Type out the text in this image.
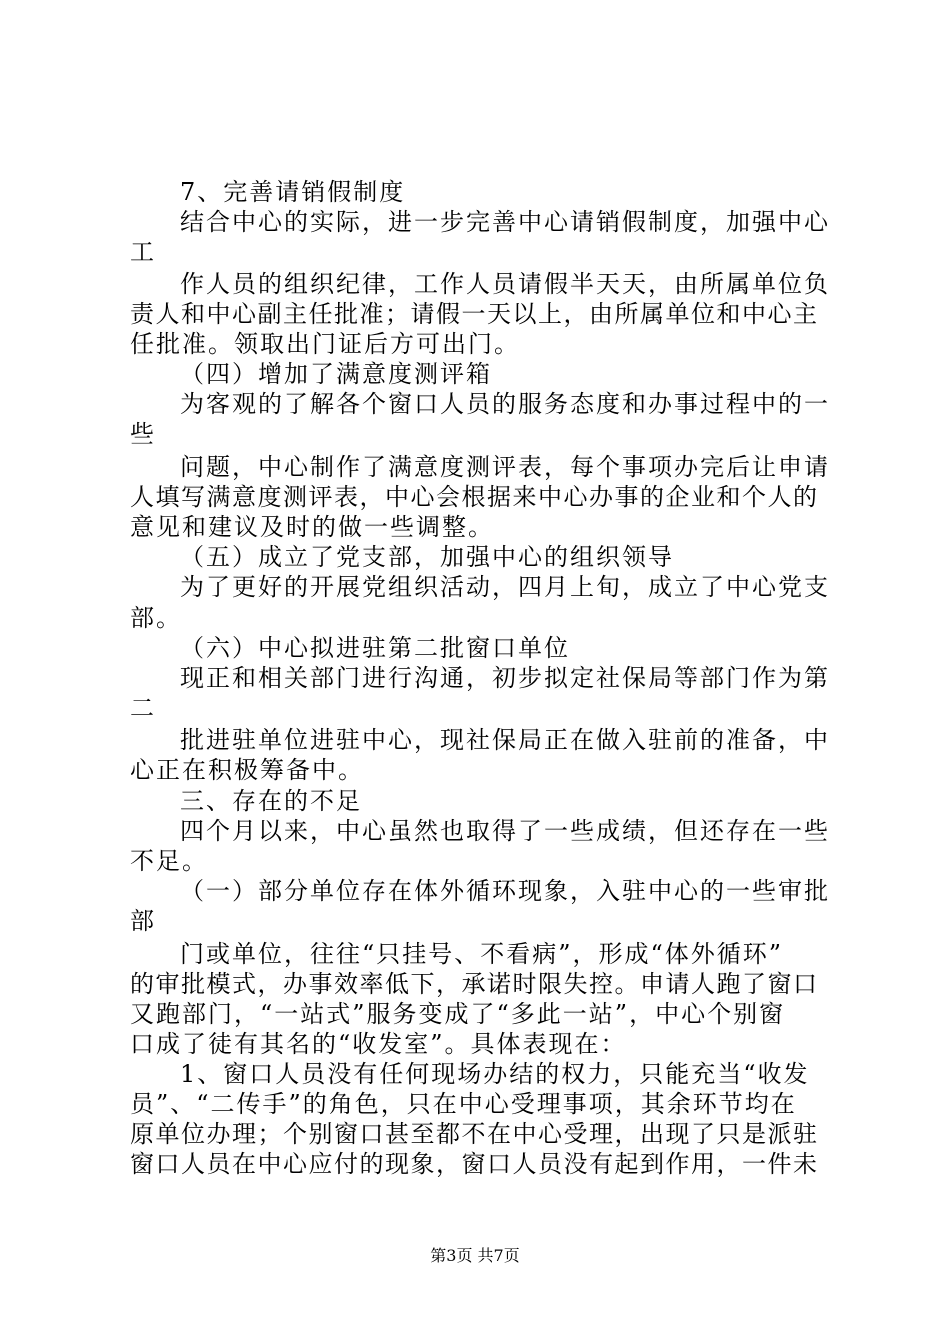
7、完善请销假制度
结合中心的实际，进一步完善中心请销假制度，加强中心
工
作人员的组织纪律，工作人员请假半天天，由所属单位负
责人和中心副主任批准；请假一天以上，由所属单位和中心主
任批准。领取出门证后方可出门。
（四）增加了满意度测评箱
为客观的了解各个窗口人员的服务态度和办事过程中的一
些
问题，中心制作了满意度测评表，每个事项办完后让申请
人填写满意度测评表，中心会根据来中心办事的企业和个人的
意见和建议及时的做一些调整。
（五）成立了党支部，加强中心的组织领导
为了更好的开展党组织活动，四月上旬，成立了中心党支
部。
（六）中心拟进驻第二批窗口单位
现正和相关部门进行沟通，初步拟定社保局等部门作为第
二
批进驻单位进驻中心，现社保局正在做入驻前的准备，中
心正在积极筹备中。
三、存在的不足
四个月以来，中心虽然也取得了一些成绩，但还存在一些
不足。
（一）部分单位存在体外循环现象，入驻中心的一些审批
部
门或单位，往往“只挂号、不看病”，形成“体外循环”
的审批模式，办事效率低下，承诺时限失控。申请人跑了窗口
又跑部门，“一站式”服务变成了“多此一站”，中心个别窗
口成了徒有其名的“收发室”。具体表现在：
1、窗口人员没有任何现场办结的权力，只能充当“收发
员”、“二传手”的角色，只在中心受理事项，其余环节均在
原单位办理；个别窗口甚至都不在中心受理，出现了只是派驻
窗口人员在中心应付的现象，窗口人员没有起到作用，一件未
第3页 共7页
